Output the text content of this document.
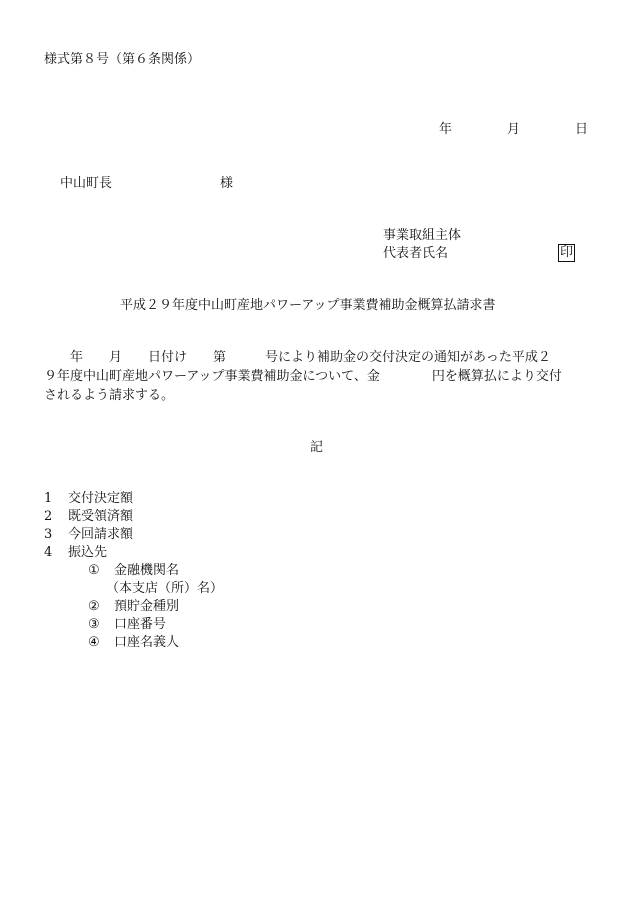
様式第８号（第６条関係）
年	月	日
中山町長	様
事業取組主体
代表者氏名	印
平成２９年度中山町産地パワーアップ事業費補助金概算払請求書
　　年　　月　　日付け　　第　　　号により補助金の交付決定の通知があった平成２
９年度中山町産地パワーアップ事業費補助金について、金　　　　円を概算払により交付
されるよう請求する。
記
1 交付決定額
2 既受領済額
3 今回請求額
4 振込先
① 金融機関名
（本支店（所）名）
② 預貯金種別
③ 口座番号
④ 口座名義人
